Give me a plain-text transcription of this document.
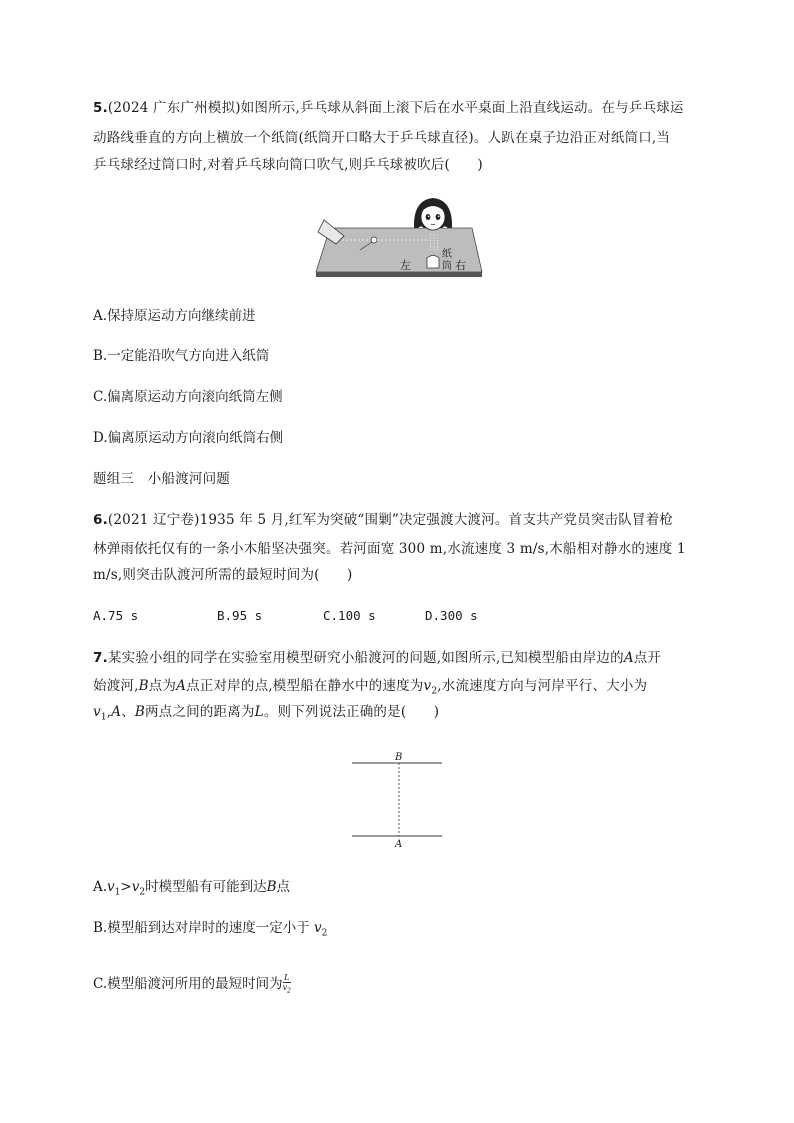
5.(2024 广东广州模拟)如图所示,乒乓球从斜面上滚下后在水平桌面上沿直线运动。在与乒乓球运
动路线垂直的方向上横放一个纸筒(纸筒开口略大于乒乓球直径)。人趴在桌子边沿正对纸筒口,当
乒乓球经过筒口时,对着乒乓球向筒口吹气,则乒乓球被吹后(　　)
左
纸
筒 右
A.保持原运动方向继续前进
B.一定能沿吹气方向进入纸筒
C.偏离原运动方向滚向纸筒左侧
D.偏离原运动方向滚向纸筒右侧
题组三　小船渡河问题
6.(2021 辽宁卷)1935 年 5 月,红军为突破“围剿”决定强渡大渡河。首支共产党员突击队冒着枪
林弹雨依托仅有的一条小木船坚决强突。若河面宽 300 m,水流速度 3 m/s,木船相对静水的速度 1
m/s,则突击队渡河所需的最短时间为(　　)
A.75 s	B.95 s	C.100 s	D.300 s
7.某实验小组的同学在实验室用模型研究小船渡河的问题,如图所示,已知模型船由岸边的A点开
始渡河,B点为A点正对岸的点,模型船在静水中的速度为$v_2$,水流速度方向与河岸平行、大小为
$v_1,A$、B两点之间的距离为L。则下列说法正确的是(　　)
B
A
$A.v_1>v_2$时模型船有可能到达B点
B.模型船到达对岸时的速度一定小于 $v_2$
C.模型船渡河所用的最短时间为 $\frac{L}{v_2}$
